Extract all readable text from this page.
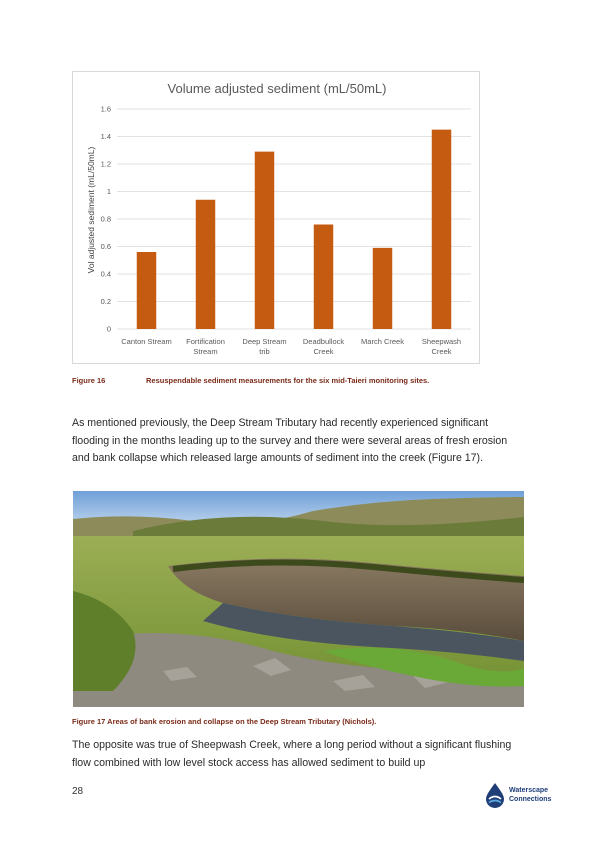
Volume adjusted sediment (mL/50mL)
Vol adjusted sediment (mL/50mL)
0
0.2
0.4
0.6
0.8
1
1.2
1.4
1.6
Canton Stream Fortification
Stream
Deep Stream
trib
Deadbullock
Creek
March Creek Sheepwash
Creek
Figure 16	Resuspendable sediment measurements for the six mid-Taieri monitoring sites.
As mentioned previously, the Deep Stream Tributary had recently experienced significant flooding in the months leading up to the survey and there were several areas of fresh erosion and bank collapse which released large amounts of sediment into the creek (Figure 17).
Figure 17 Areas of bank erosion and collapse on the Deep Stream Tributary (Nichols).
The opposite was true of Sheepwash Creek, where a long period without a significant flushing flow combined with low level stock access has allowed sediment to build up
28	Waterscape
Connections
